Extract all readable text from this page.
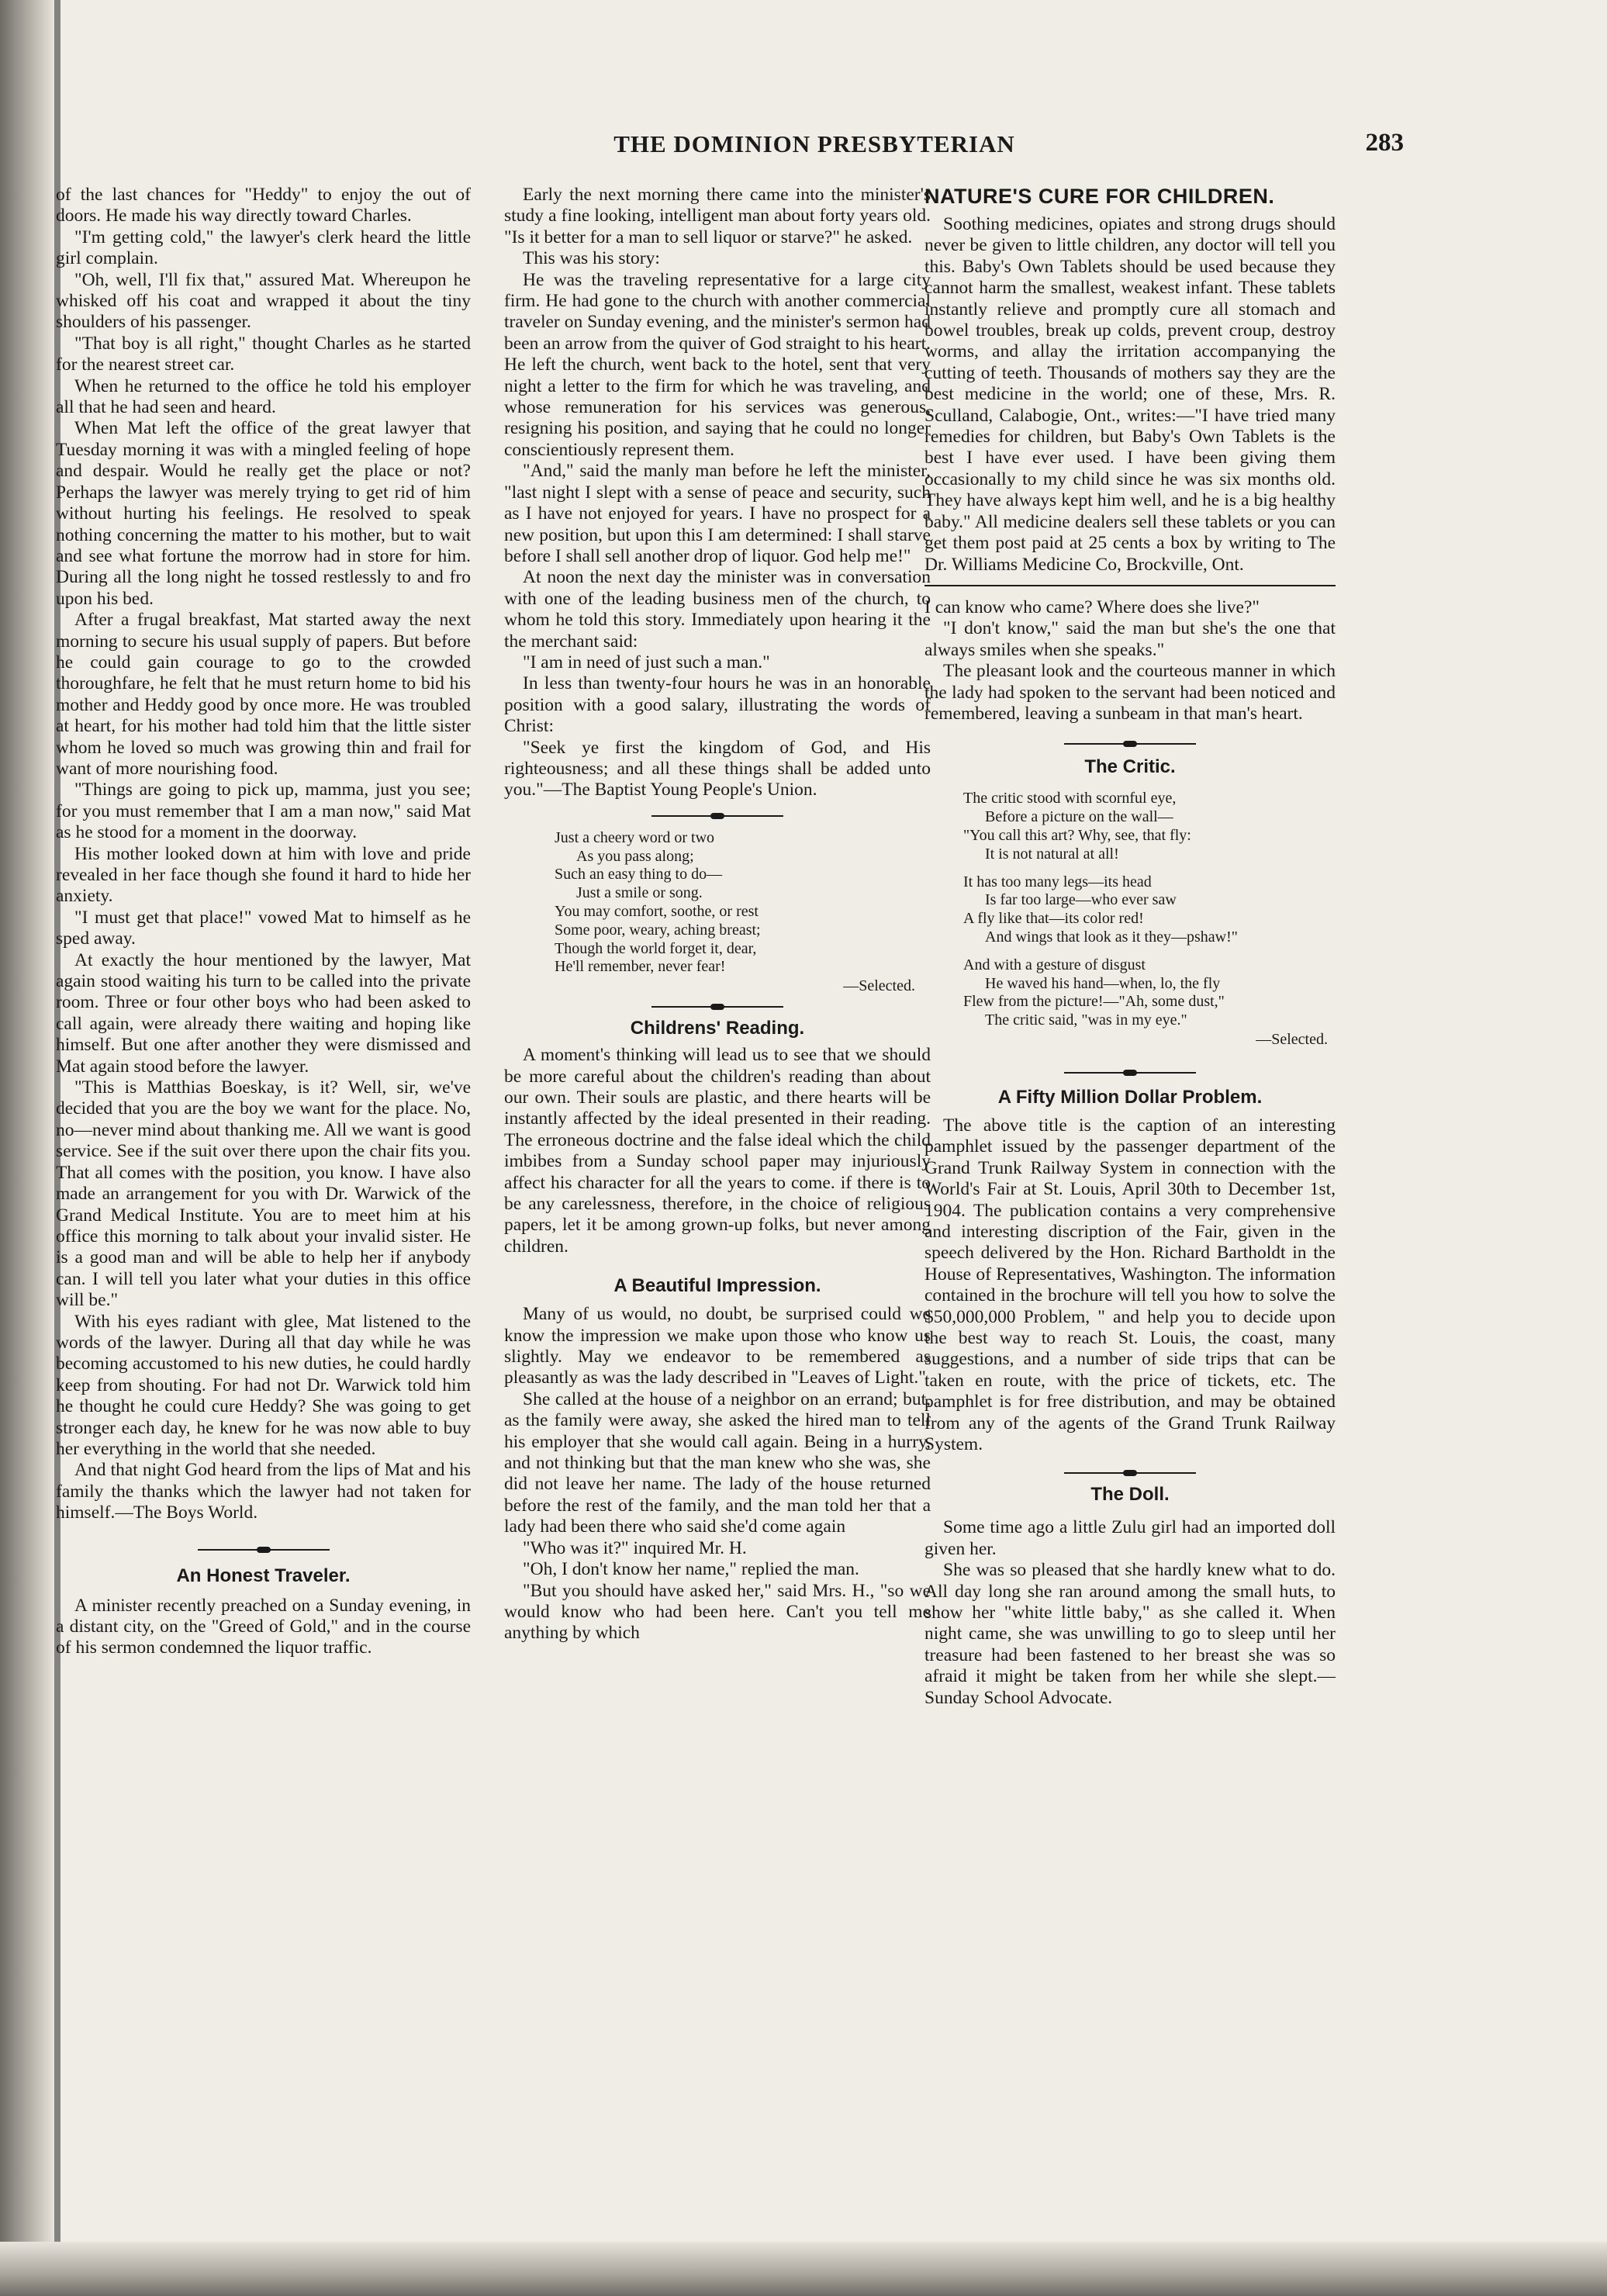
THE DOMINION PRESBYTERIAN	283

of the last chances for "Heddy" to enjoy the out of doors. He made his way directly toward Charles.

"I'm getting cold," the lawyer's clerk heard the little girl complain.

"Oh, well, I'll fix that," assured Mat. Whereupon he whisked off his coat and wrapped it about the tiny shoulders of his passenger.

"That boy is all right," thought Charles as he started for the nearest street car.

When he returned to the office he told his employer all that he had seen and heard.

When Mat left the office of the great lawyer that Tuesday morning it was with a mingled feeling of hope and despair. Would he really get the place or not? Perhaps the lawyer was merely trying to get rid of him without hurting his feelings. He resolved to speak nothing concerning the matter to his mother, but to wait and see what fortune the morrow had in store for him. During all the long night he tossed restlessly to and fro upon his bed.

After a frugal breakfast, Mat started away the next morning to secure his usual supply of papers. But before he could gain courage to go to the crowded thoroughfare, he felt that he must return home to bid his mother and Heddy good by once more. He was troubled at heart, for his mother had told him that the little sister whom he loved so much was growing thin and frail for want of more nourishing food.

"Things are going to pick up, mamma, just you see; for you must remember that I am a man now," said Mat as he stood for a moment in the doorway.

His mother looked down at him with love and pride revealed in her face though she found it hard to hide her anxiety.

"I must get that place!" vowed Mat to himself as he sped away.

At exactly the hour mentioned by the lawyer, Mat again stood waiting his turn to be called into the private room. Three or four other boys who had been asked to call again, were already there waiting and hoping like himself. But one after another they were dismissed and Mat again stood before the lawyer.

"This is Matthias Boeskay, is it? Well, sir, we've decided that you are the boy we want for the place. No, no—never mind about thanking me. All we want is good service. See if the suit over there upon the chair fits you. That all comes with the position, you know. I have also made an arrangement for you with Dr. Warwick of the Grand Medical Institute. You are to meet him at his office this morning to talk about your invalid sister. He is a good man and will be able to help her if anybody can. I will tell you later what your duties in this office will be."

With his eyes radiant with glee, Mat listened to the words of the lawyer. During all that day while he was becoming accustomed to his new duties, he could hardly keep from shouting. For had not Dr. Warwick told him he thought he could cure Heddy? She was going to get stronger each day, he knew for he was now able to buy her everything in the world that she needed.

And that night God heard from the lips of Mat and his family the thanks which the lawyer had not taken for himself.—The Boys World.

An Honest Traveler.

A minister recently preached on a Sunday evening, in a distant city, on the "Greed of Gold," and in the course of his sermon condemned the liquor traffic.

Early the next morning there came into the minister's study a fine looking, intelligent man about forty years old. "Is it better for a man to sell liquor or starve?" he asked.

This was his story:

He was the traveling representative for a large city firm. He had gone to the church with another commercial traveler on Sunday evening, and the minister's sermon had been an arrow from the quiver of God straight to his heart. He left the church, went back to the hotel, sent that very night a letter to the firm for which he was traveling, and whose remuneration for his services was generous, resigning his position, and saying that he could no longer conscientiously represent them.

"And," said the manly man before he left the minister, "last night I slept with a sense of peace and security, such as I have not enjoyed for years. I have no prospect for a new position, but upon this I am determined: I shall starve before I shall sell another drop of liquor. God help me!"

At noon the next day the minister was in conversation with one of the leading business men of the church, to whom he told this story. Immediately upon hearing it the the merchant said:

"I am in need of just such a man."

In less than twenty-four hours he was in an honorable position with a good salary, illustrating the words of Christ:

"Seek ye first the kingdom of God, and His righteousness; and all these things shall be added unto you."—The Baptist Young People's Union.

Just a cheery word or two
As you pass along;
Such an easy thing to do—
Just a smile or song.
You may comfort, soothe, or rest
Some poor, weary, aching breast;
Though the world forget it, dear,
He'll remember, never fear!
—Selected.
Childrens' Reading.

A moment's thinking will lead us to see that we should be more careful about the children's reading than about our own. Their souls are plastic, and there hearts will be instantly affected by the ideal presented in their reading. The erroneous doctrine and the false ideal which the child imbibes from a Sunday school paper may injuriously affect his character for all the years to come. if there is to be any carelessness, therefore, in the choice of religious papers, let it be among grown-up folks, but never among children.

A Beautiful Impression.

Many of us would, no doubt, be surprised could we know the impression we make upon those who know us slightly. May we endeavor to be remembered as pleasantly as was the lady described in "Leaves of Light."

She called at the house of a neighbor on an errand; but, as the family were away, she asked the hired man to tell his employer that she would call again. Being in a hurry, and not thinking but that the man knew who she was, she did not leave her name. The lady of the house returned before the rest of the family, and the man told her that a lady had been there who said she'd come again

"Who was it?" inquired Mr. H.

"Oh, I don't know her name," replied the man.

"But you should have asked her," said Mrs. H., "so we would know who had been here. Can't you tell me anything by which

NATURE'S CURE FOR CHILDREN.

Soothing medicines, opiates and strong drugs should never be given to little children, any doctor will tell you this. Baby's Own Tablets should be used because they cannot harm the smallest, weakest infant. These tablets instantly relieve and promptly cure all stomach and bowel troubles, break up colds, prevent croup, destroy worms, and allay the irritation accompanying the cutting of teeth. Thousands of mothers say they are the best medicine in the world; one of these, Mrs. R. Sculland, Calabogie, Ont., writes:—"I have tried many remedies for children, but Baby's Own Tablets is the best I have ever used. I have been giving them occasionally to my child since he was six months old. They have always kept him well, and he is a big healthy baby." All medicine dealers sell these tablets or you can get them post paid at 25 cents a box by writing to The Dr. Williams Medicine Co, Brockville, Ont.

I can know who came? Where does she live?"

"I don't know," said the man but she's the one that always smiles when she speaks."

The pleasant look and the courteous manner in which the lady had spoken to the servant had been noticed and remembered, leaving a sunbeam in that man's heart.

The Critic.
The critic stood with scornful eye,
Before a picture on the wall—
"You call this art? Why, see, that fly:
It is not natural at all!
It has too many legs—its head
Is far too large—who ever saw
A fly like that—its color red!
And wings that look as it they—pshaw!"
And with a gesture of disgust
He waved his hand—when, lo, the fly
Flew from the picture!—"Ah, some dust,"
The critic said, "was in my eye."
—Selected.
A Fifty Million Dollar Problem.

The above title is the caption of an interesting pamphlet issued by the passenger department of the Grand Trunk Railway System in connection with the World's Fair at St. Louis, April 30th to December 1st, 1904. The publication contains a very comprehensive and interesting discription of the Fair, given in the speech delivered by the Hon. Richard Bartholdt in the House of Representatives, Washington. The information contained in the brochure will tell you how to solve the $50,000,000 Problem, " and help you to decide upon the best way to reach St. Louis, the coast, many suggestions, and a number of side trips that can be taken en route, with the price of tickets, etc. The pamphlet is for free distribution, and may be obtained from any of the agents of the Grand Trunk Railway System.

The Doll.

Some time ago a little Zulu girl had an imported doll given her.

She was so pleased that she hardly knew what to do. All day long she ran around among the small huts, to show her "white little baby," as she called it. When night came, she was unwilling to go to sleep until her treasure had been fastened to her breast she was so afraid it might be taken from her while she slept.—Sunday School Advocate.
